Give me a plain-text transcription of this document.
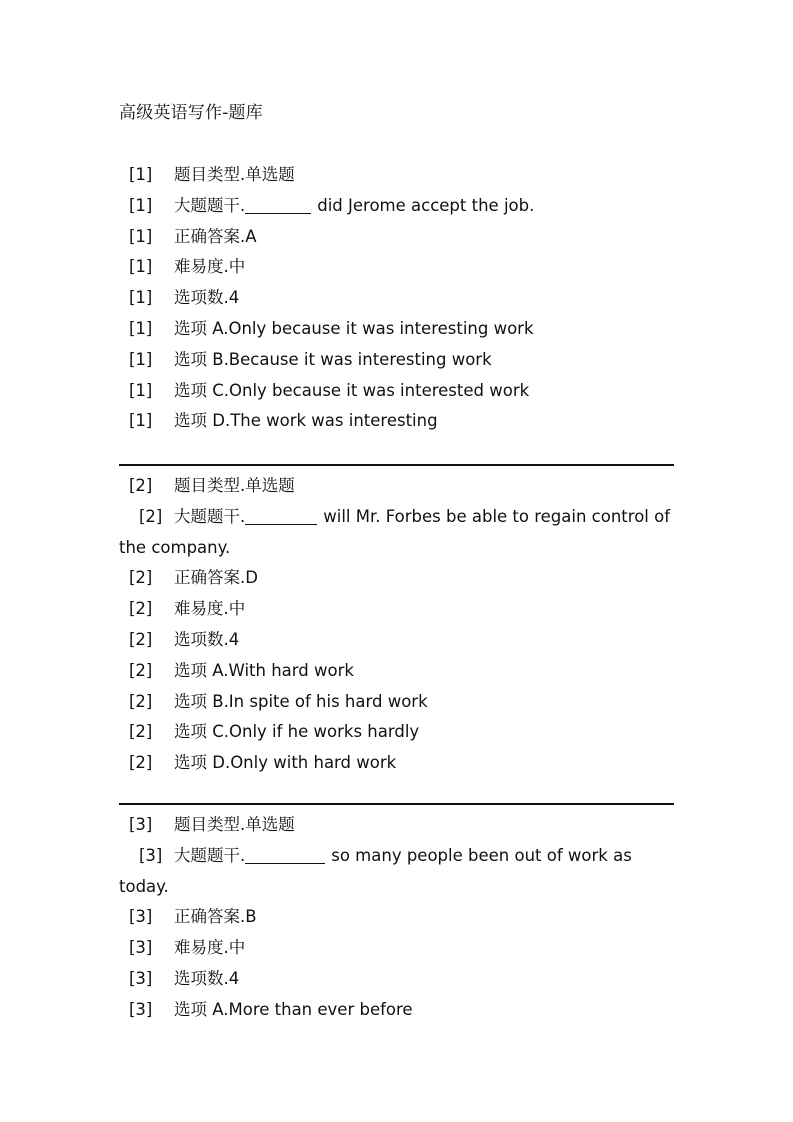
高级英语写作-题库
[1] 题目类型.单选题
[1] 大题题干.	did Jerome accept the job.
[1] 正确答案.A
[1] 难易度.中
[1] 选项数.4
[1] 选项 A.Only because it was interesting work
[1] 选项 B.Because it was interesting work
[1] 选项 C.Only because it was interested work
[1] 选项 D.The work was interesting
[2] 题目类型.单选题
[2] 大题题干.	will Mr. Forbes be able to regain control of the company.
[2] 正确答案.D
[2] 难易度.中
[2] 选项数.4
[2] 选项 A.With hard work
[2] 选项 B.In spite of his hard work
[2] 选项 C.Only if he works hardly
[2] 选项 D.Only with hard work
[3] 题目类型.单选题
[3] 大题题干.	so many people been out of work as today.
[3] 正确答案.B
[3] 难易度.中
[3] 选项数.4
[3] 选项 A.More than ever before
